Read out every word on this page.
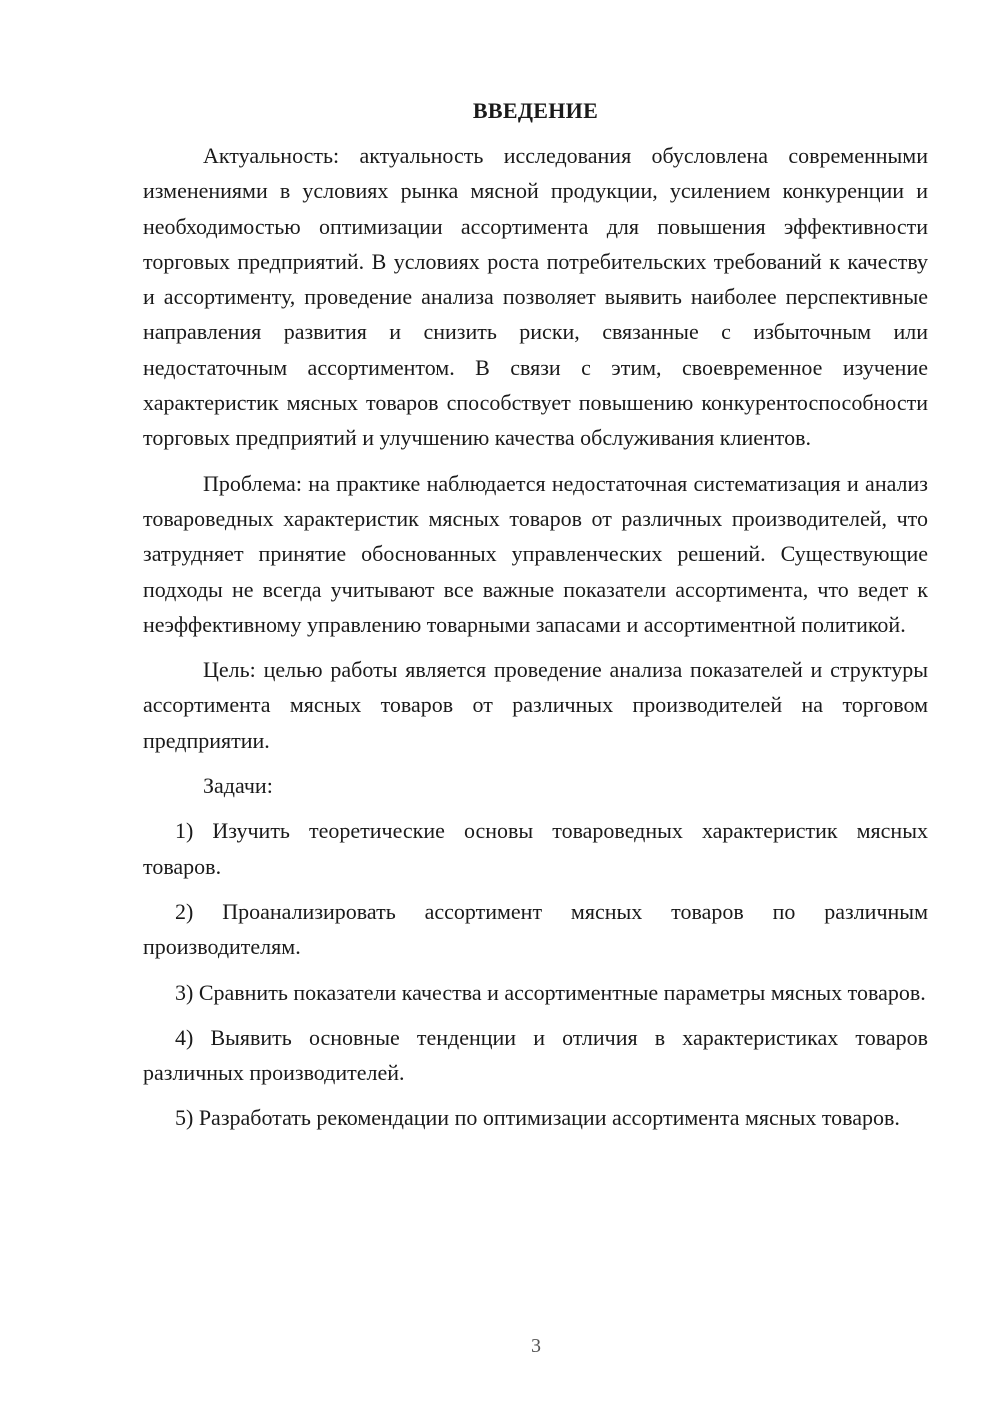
ВВЕДЕНИЕ

Актуальность: актуальность исследования обусловлена современными изменениями в условиях рынка мясной продукции, усилением конкуренции и необходимостью оптимизации ассортимента для повышения эффективности торговых предприятий. В условиях роста потребительских требований к качеству и ассортименту, проведение анализа позволяет выявить наиболее перспективные направления развития и снизить риски, связанные с избыточным или недостаточным ассортиментом. В связи с этим, своевременное изучение характеристик мясных товаров способствует повышению конкурентоспособности торговых предприятий и улучшению качества обслуживания клиентов.

Проблема: на практике наблюдается недостаточная систематизация и анализ товароведных характеристик мясных товаров от различных производителей, что затрудняет принятие обоснованных управленческих решений. Существующие подходы не всегда учитывают все важные показатели ассортимента, что ведет к неэффективному управлению товарными запасами и ассортиментной политикой.

Цель: целью работы является проведение анализа показателей и структуры ассортимента мясных товаров от различных производителей на торговом предприятии.

Задачи:

1) Изучить теоретические основы товароведных характеристик мясных товаров.

2) Проанализировать ассортимент мясных товаров по различным производителям.

3) Сравнить показатели качества и ассортиментные параметры мясных товаров.

4) Выявить основные тенденции и отличия в характеристиках товаров различных производителей.

5) Разработать рекомендации по оптимизации ассортимента мясных товаров.

3
